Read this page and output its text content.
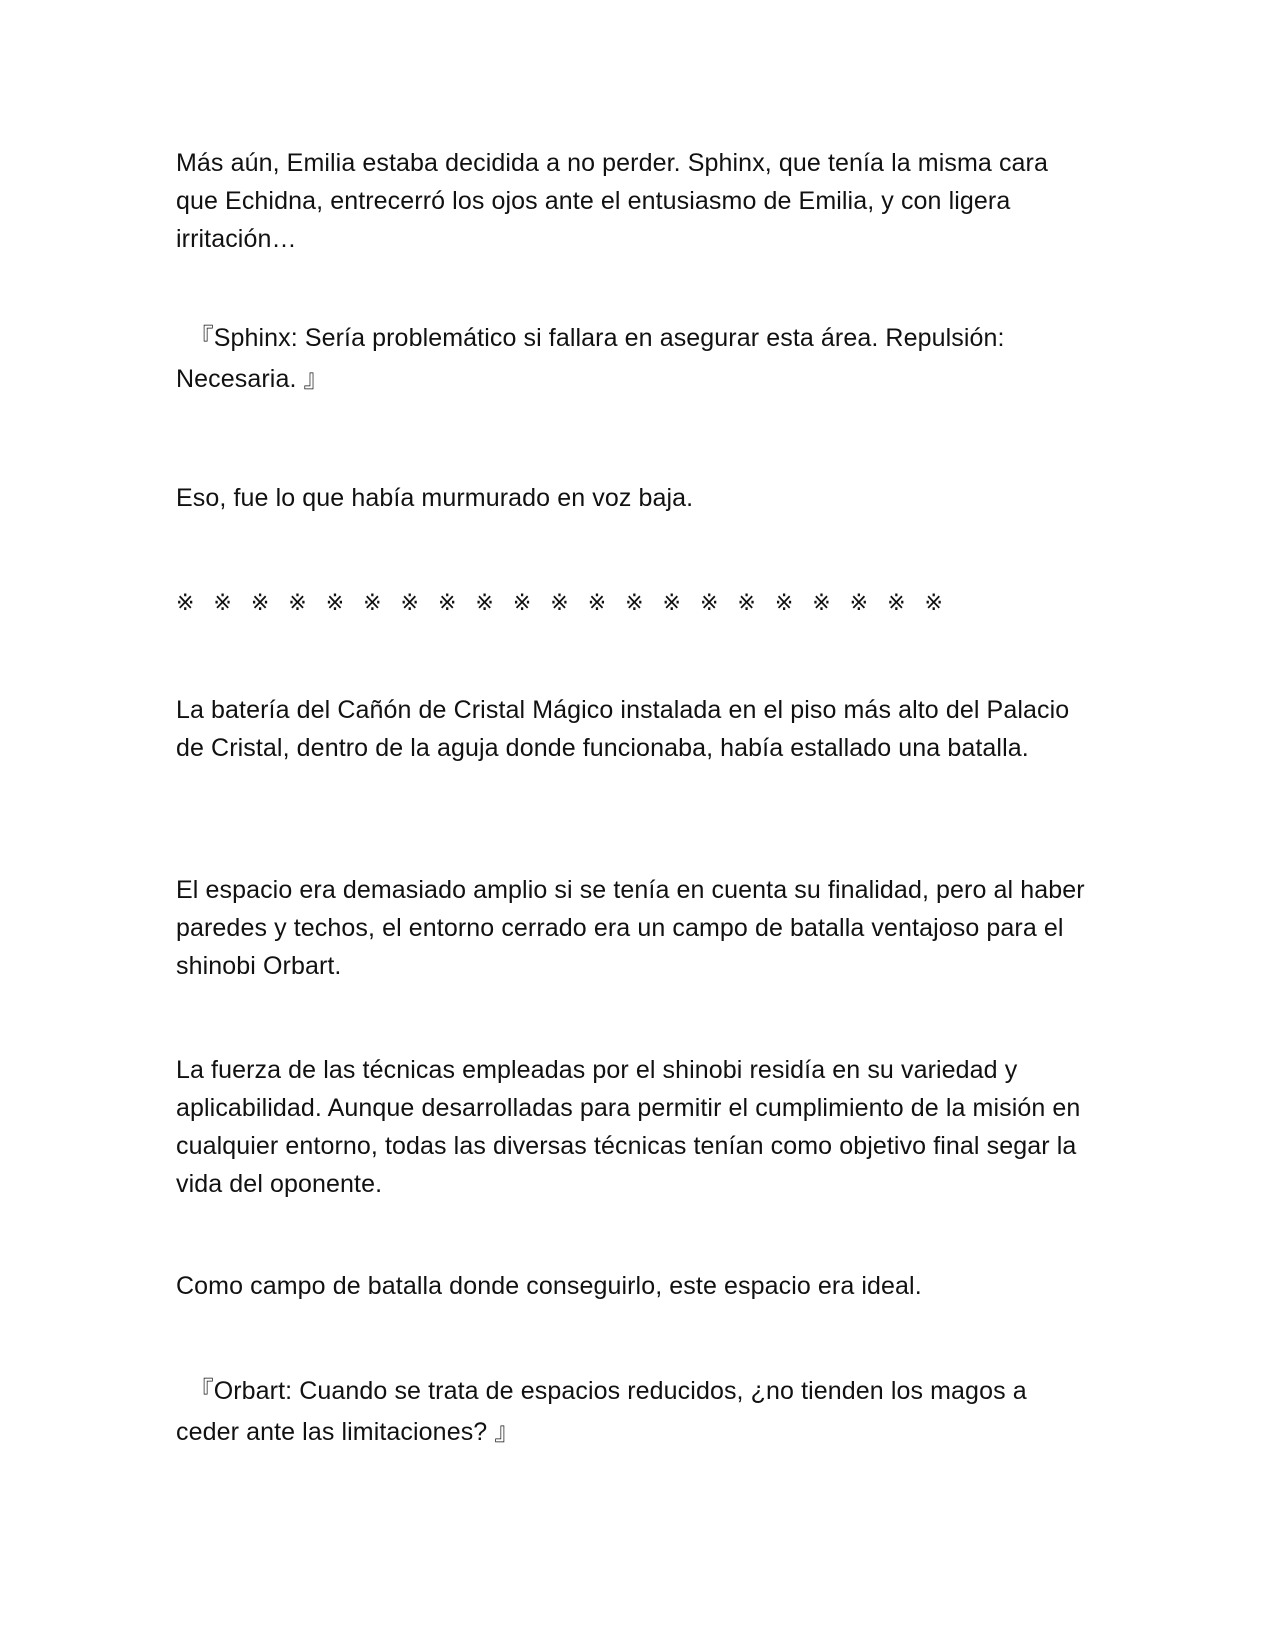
Más aún, Emilia estaba decidida a no perder. Sphinx, que tenía la misma cara que Echidna, entrecerró los ojos ante el entusiasmo de Emilia, y con ligera irritación…

　『Sphinx: Sería problemático si fallara en asegurar esta área. Repulsión: Necesaria. 』

Eso, fue lo que había murmurado en voz baja.

※ ※ ※ ※ ※ ※ ※ ※ ※ ※ ※ ※ ※ ※ ※ ※ ※ ※ ※ ※ ※

La batería del Cañón de Cristal Mágico instalada en el piso más alto del Palacio de Cristal, dentro de la aguja donde funcionaba, había estallado una batalla.

El espacio era demasiado amplio si se tenía en cuenta su finalidad, pero al haber paredes y techos, el entorno cerrado era un campo de batalla ventajoso para el shinobi Orbart.

La fuerza de las técnicas empleadas por el shinobi residía en su variedad y aplicabilidad. Aunque desarrolladas para permitir el cumplimiento de la misión en cualquier entorno, todas las diversas técnicas tenían como objetivo final segar la vida del oponente.

Como campo de batalla donde conseguirlo, este espacio era ideal.

　『Orbart: Cuando se trata de espacios reducidos, ¿no tienden los magos a ceder ante las limitaciones? 』
